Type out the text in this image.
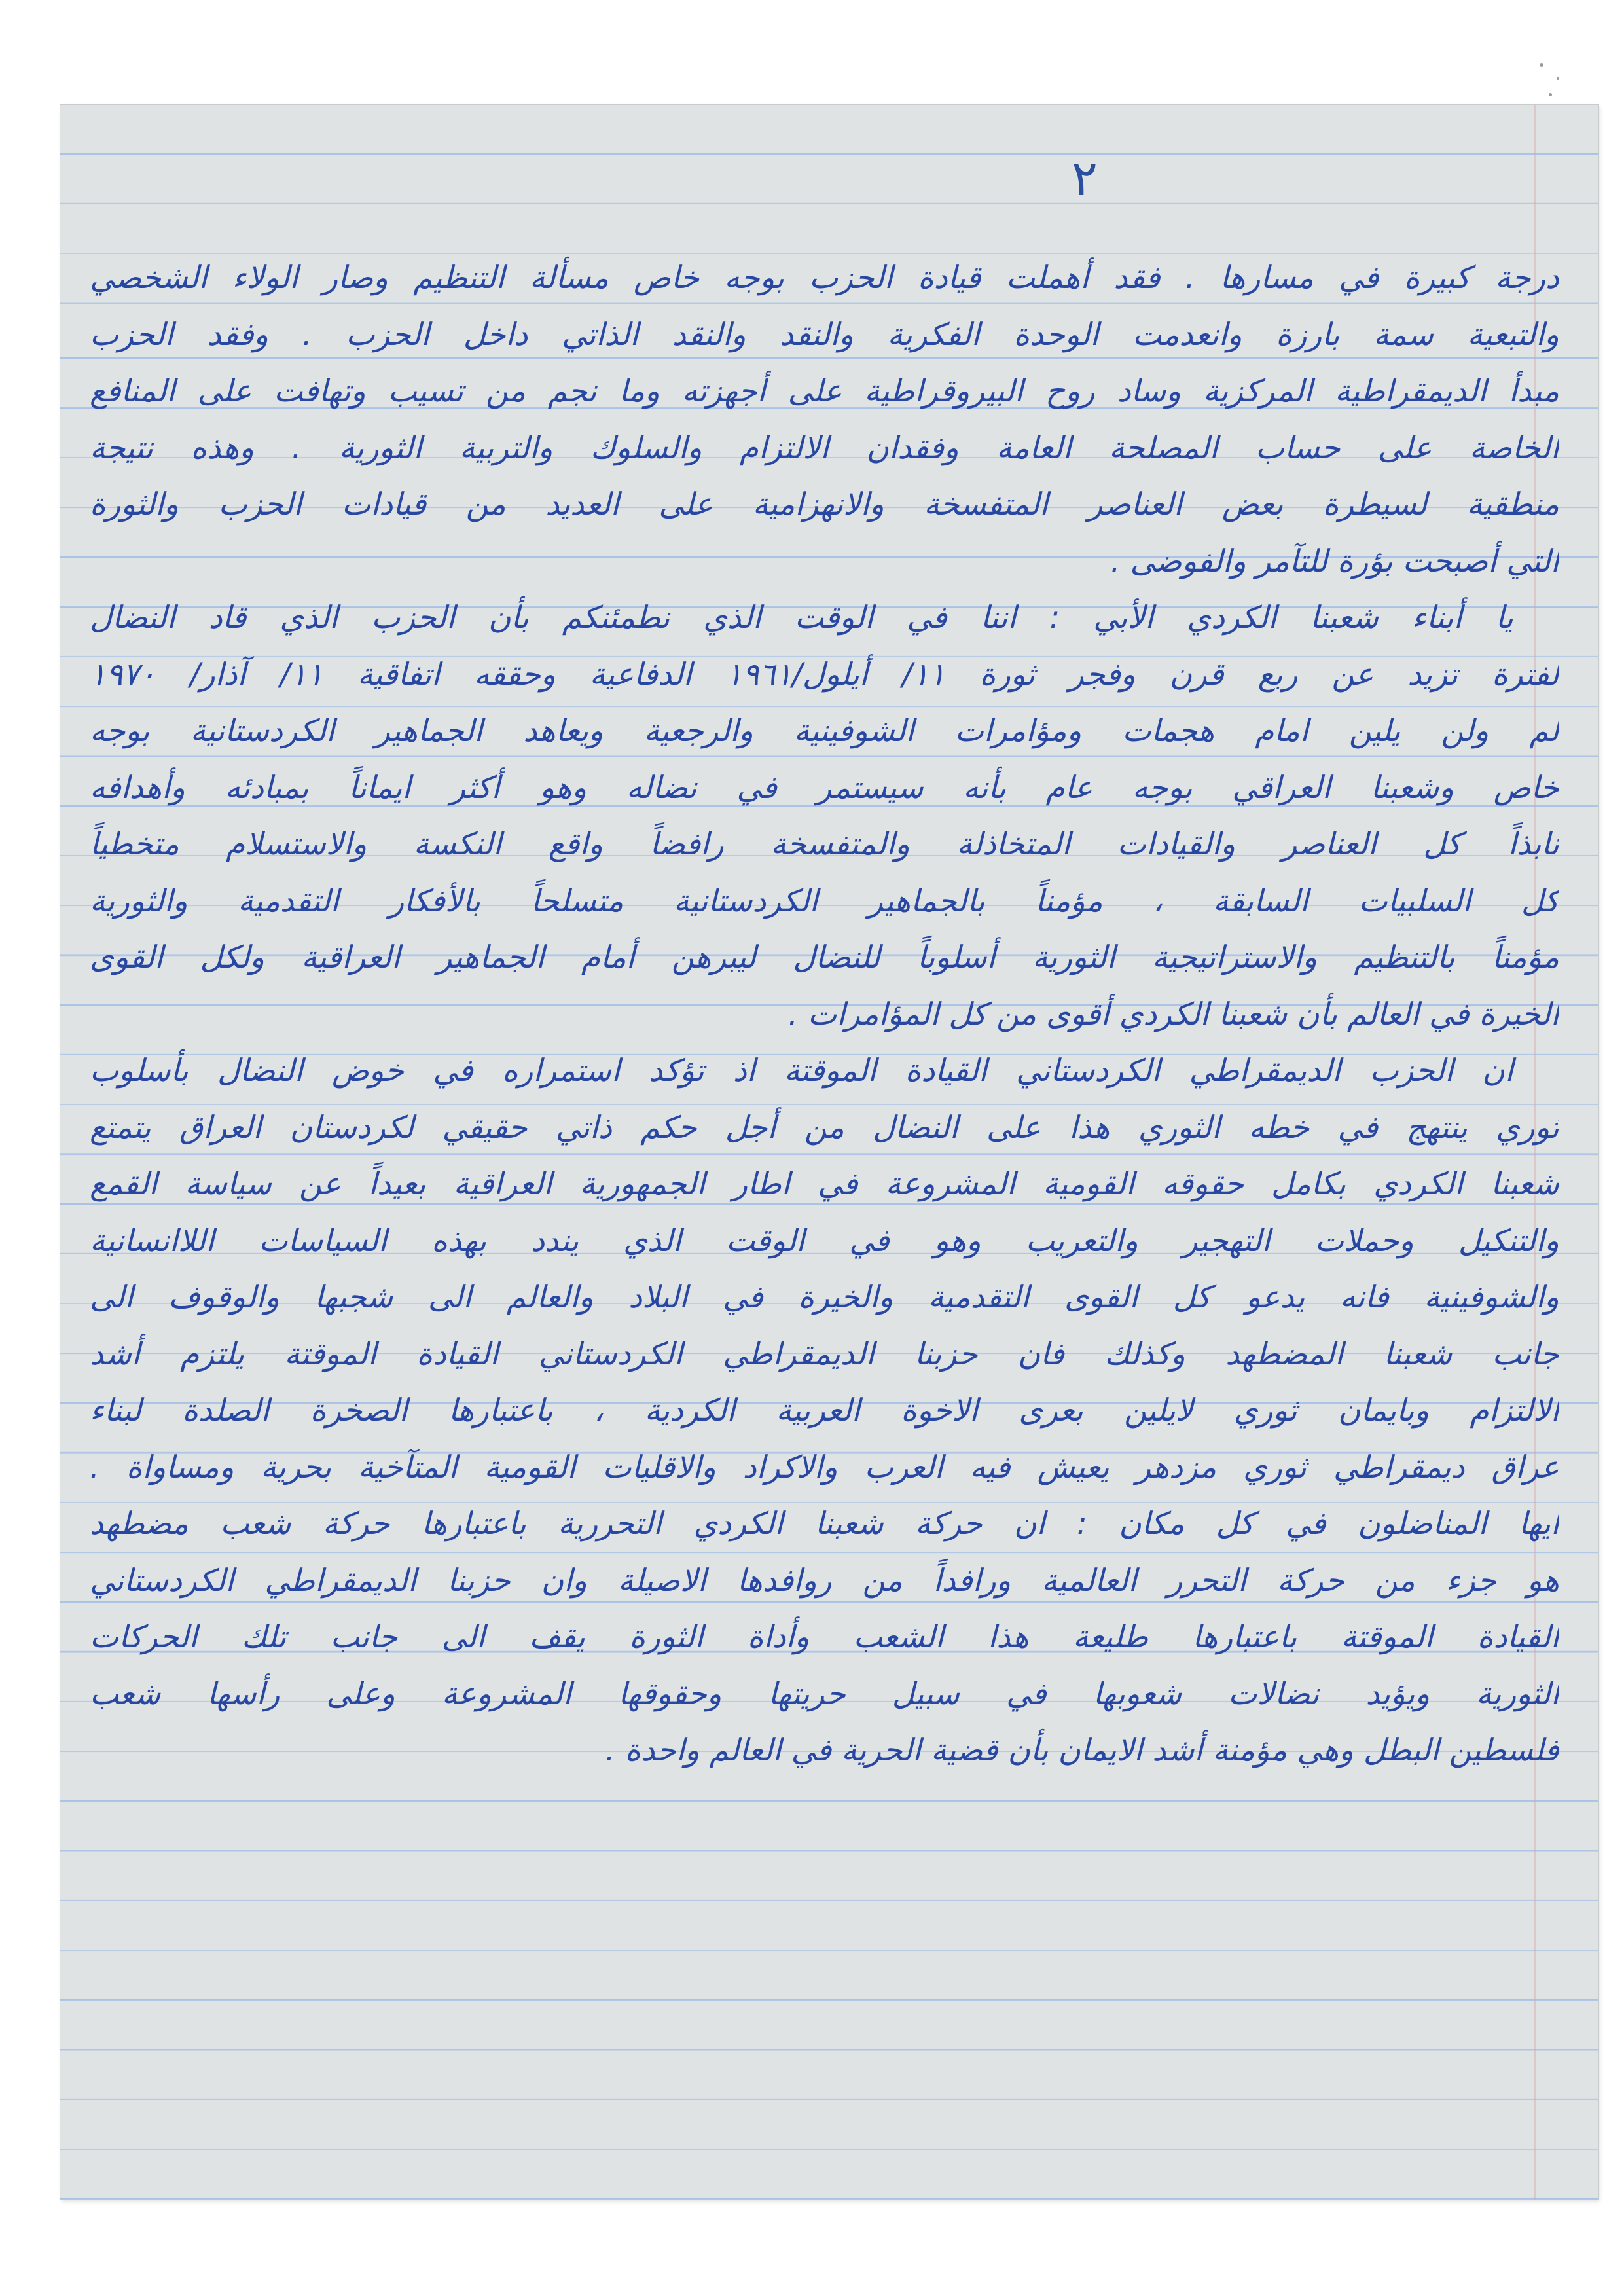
٢
درجة كبيرة في مسارها . فقد أهملت قيادة الحزب بوجه خاص مسألة التنظيم وصار الولاء الشخصي
والتبعية سمة بارزة وانعدمت الوحدة الفكرية والنقد والنقد الذاتي داخل الحزب . وفقد الحزب
مبدأ الديمقراطية المركزية وساد روح البيروقراطية على أجهزته وما نجم من تسيب وتهافت على المنافع
الخاصة على حساب المصلحة العامة وفقدان الالتزام والسلوك والتربية الثورية . وهذه نتيجة
منطقية لسيطرة بعض العناصر المتفسخة والانهزامية على العديد من قيادات الحزب والثورة
التي أصبحت بؤرة للتآمر والفوضى .
يا أبناء شعبنا الكردي الأبي : اننا في الوقت الذي نطمئنكم بأن الحزب الذي قاد النضال
لفترة تزيد عن ربع قرن وفجر ثورة ١١/ أيلول/١٩٦١ الدفاعية وحققه اتفاقية ١١/ آذار/ ١٩٧٠
لم ولن يلين امام هجمات ومؤامرات الشوفينية والرجعية ويعاهد الجماهير الكردستانية بوجه
خاص وشعبنا العراقي بوجه عام بأنه سيستمر في نضاله وهو أكثر ايماناً بمبادئه وأهدافه
نابذاً كل العناصر والقيادات المتخاذلة والمتفسخة رافضاً واقع النكسة والاستسلام متخطياً
كل السلبيات السابقة ، مؤمناً بالجماهير الكردستانية متسلحاً بالأفكار التقدمية والثورية
مؤمناً بالتنظيم والاستراتيجية الثورية أسلوباً للنضال ليبرهن أمام الجماهير العراقية ولكل القوى
الخيرة في العالم بأن شعبنا الكردي أقوى من كل المؤامرات .
ان الحزب الديمقراطي الكردستاني القيادة الموقتة اذ تؤكد استمراره في خوض النضال بأسلوب
ثوري ينتهج في خطه الثوري هذا على النضال من أجل حكم ذاتي حقيقي لكردستان العراق يتمتع
شعبنا الكردي بكامل حقوقه القومية المشروعة في اطار الجمهورية العراقية بعيداً عن سياسة القمع
والتنكيل وحملات التهجير والتعريب وهو في الوقت الذي يندد بهذه السياسات اللاانسانية
والشوفينية فانه يدعو كل القوى التقدمية والخيرة في البلاد والعالم الى شجبها والوقوف الى
جانب شعبنا المضطهد وكذلك فان حزبنا الديمقراطي الكردستاني القيادة الموقتة يلتزم أشد
الالتزام وبايمان ثوري لايلين بعرى الاخوة العربية الكردية ، باعتبارها الصخرة الصلدة لبناء
عراق ديمقراطي ثوري مزدهر يعيش فيه العرب والاكراد والاقليات القومية المتآخية بحرية ومساواة .
ايها المناضلون في كل مكان : ان حركة شعبنا الكردي التحررية باعتبارها حركة شعب مضطهد
هو جزء من حركة التحرر العالمية ورافداً من روافدها الاصيلة وان حزبنا الديمقراطي الكردستاني
القيادة الموقتة باعتبارها طليعة هذا الشعب وأداة الثورة يقف الى جانب تلك الحركات
الثورية ويؤيد نضالات شعوبها في سبيل حريتها وحقوقها المشروعة وعلى رأسها شعب
فلسطين البطل وهي مؤمنة أشد الايمان بأن قضية الحرية في العالم واحدة .
